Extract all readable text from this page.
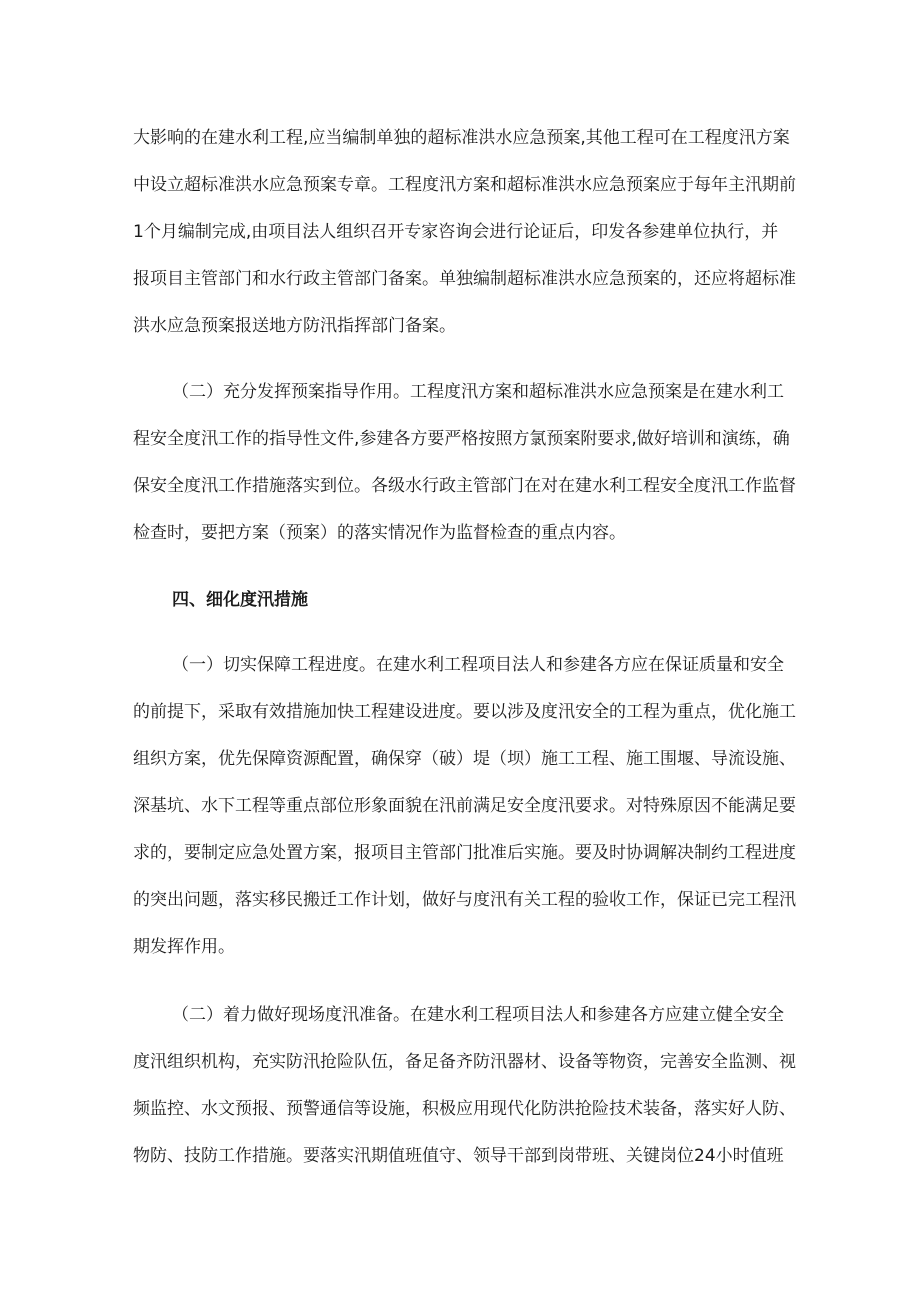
大影响的在建水利工程,应当编制单独的超标准洪水应急预案,其他工程可在工程度汛方案
中设立超标准洪水应急预案专章。工程度汛方案和超标准洪水应急预案应于每年主汛期前
1个月编制完成,由项目法人组织召开专家咨询会进行论证后，印发各参建单位执行，并
报项目主管部门和水行政主管部门备案。单独编制超标准洪水应急预案的，还应将超标准
洪水应急预案报送地方防汛指挥部门备案。
（二）充分发挥预案指导作用。工程度汛方案和超标准洪水应急预案是在建水利工
程安全度汛工作的指导性文件,参建各方要严格按照方氯预案附要求,做好培训和演练，确
保安全度汛工作措施落实到位。各级水行政主管部门在对在建水利工程安全度汛工作监督
检查时，要把方案（预案）的落实情况作为监督检查的重点内容。
四、细化度汛措施
（一）切实保障工程进度。在建水利工程项目法人和参建各方应在保证质量和安全
的前提下，采取有效措施加快工程建设进度。要以涉及度汛安全的工程为重点，优化施工
组织方案，优先保障资源配置，确保穿（破）堤（坝）施工工程、施工围堰、导流设施、
深基坑、水下工程等重点部位形象面貌在汛前满足安全度汛要求。对特殊原因不能满足要
求的，要制定应急处置方案，报项目主管部门批准后实施。要及时协调解决制约工程进度
的突出问题，落实移民搬迁工作计划，做好与度汛有关工程的验收工作，保证已完工程汛
期发挥作用。
（二）着力做好现场度汛准备。在建水利工程项目法人和参建各方应建立健全安全
度汛组织机构，充实防汛抢险队伍，备足备齐防汛器材、设备等物资，完善安全监测、视
频监控、水文预报、预警通信等设施，积极应用现代化防洪抢险技术装备，落实好人防、
物防、技防工作措施。要落实汛期值班值守、领导干部到岗带班、关键岗位24小时值班
